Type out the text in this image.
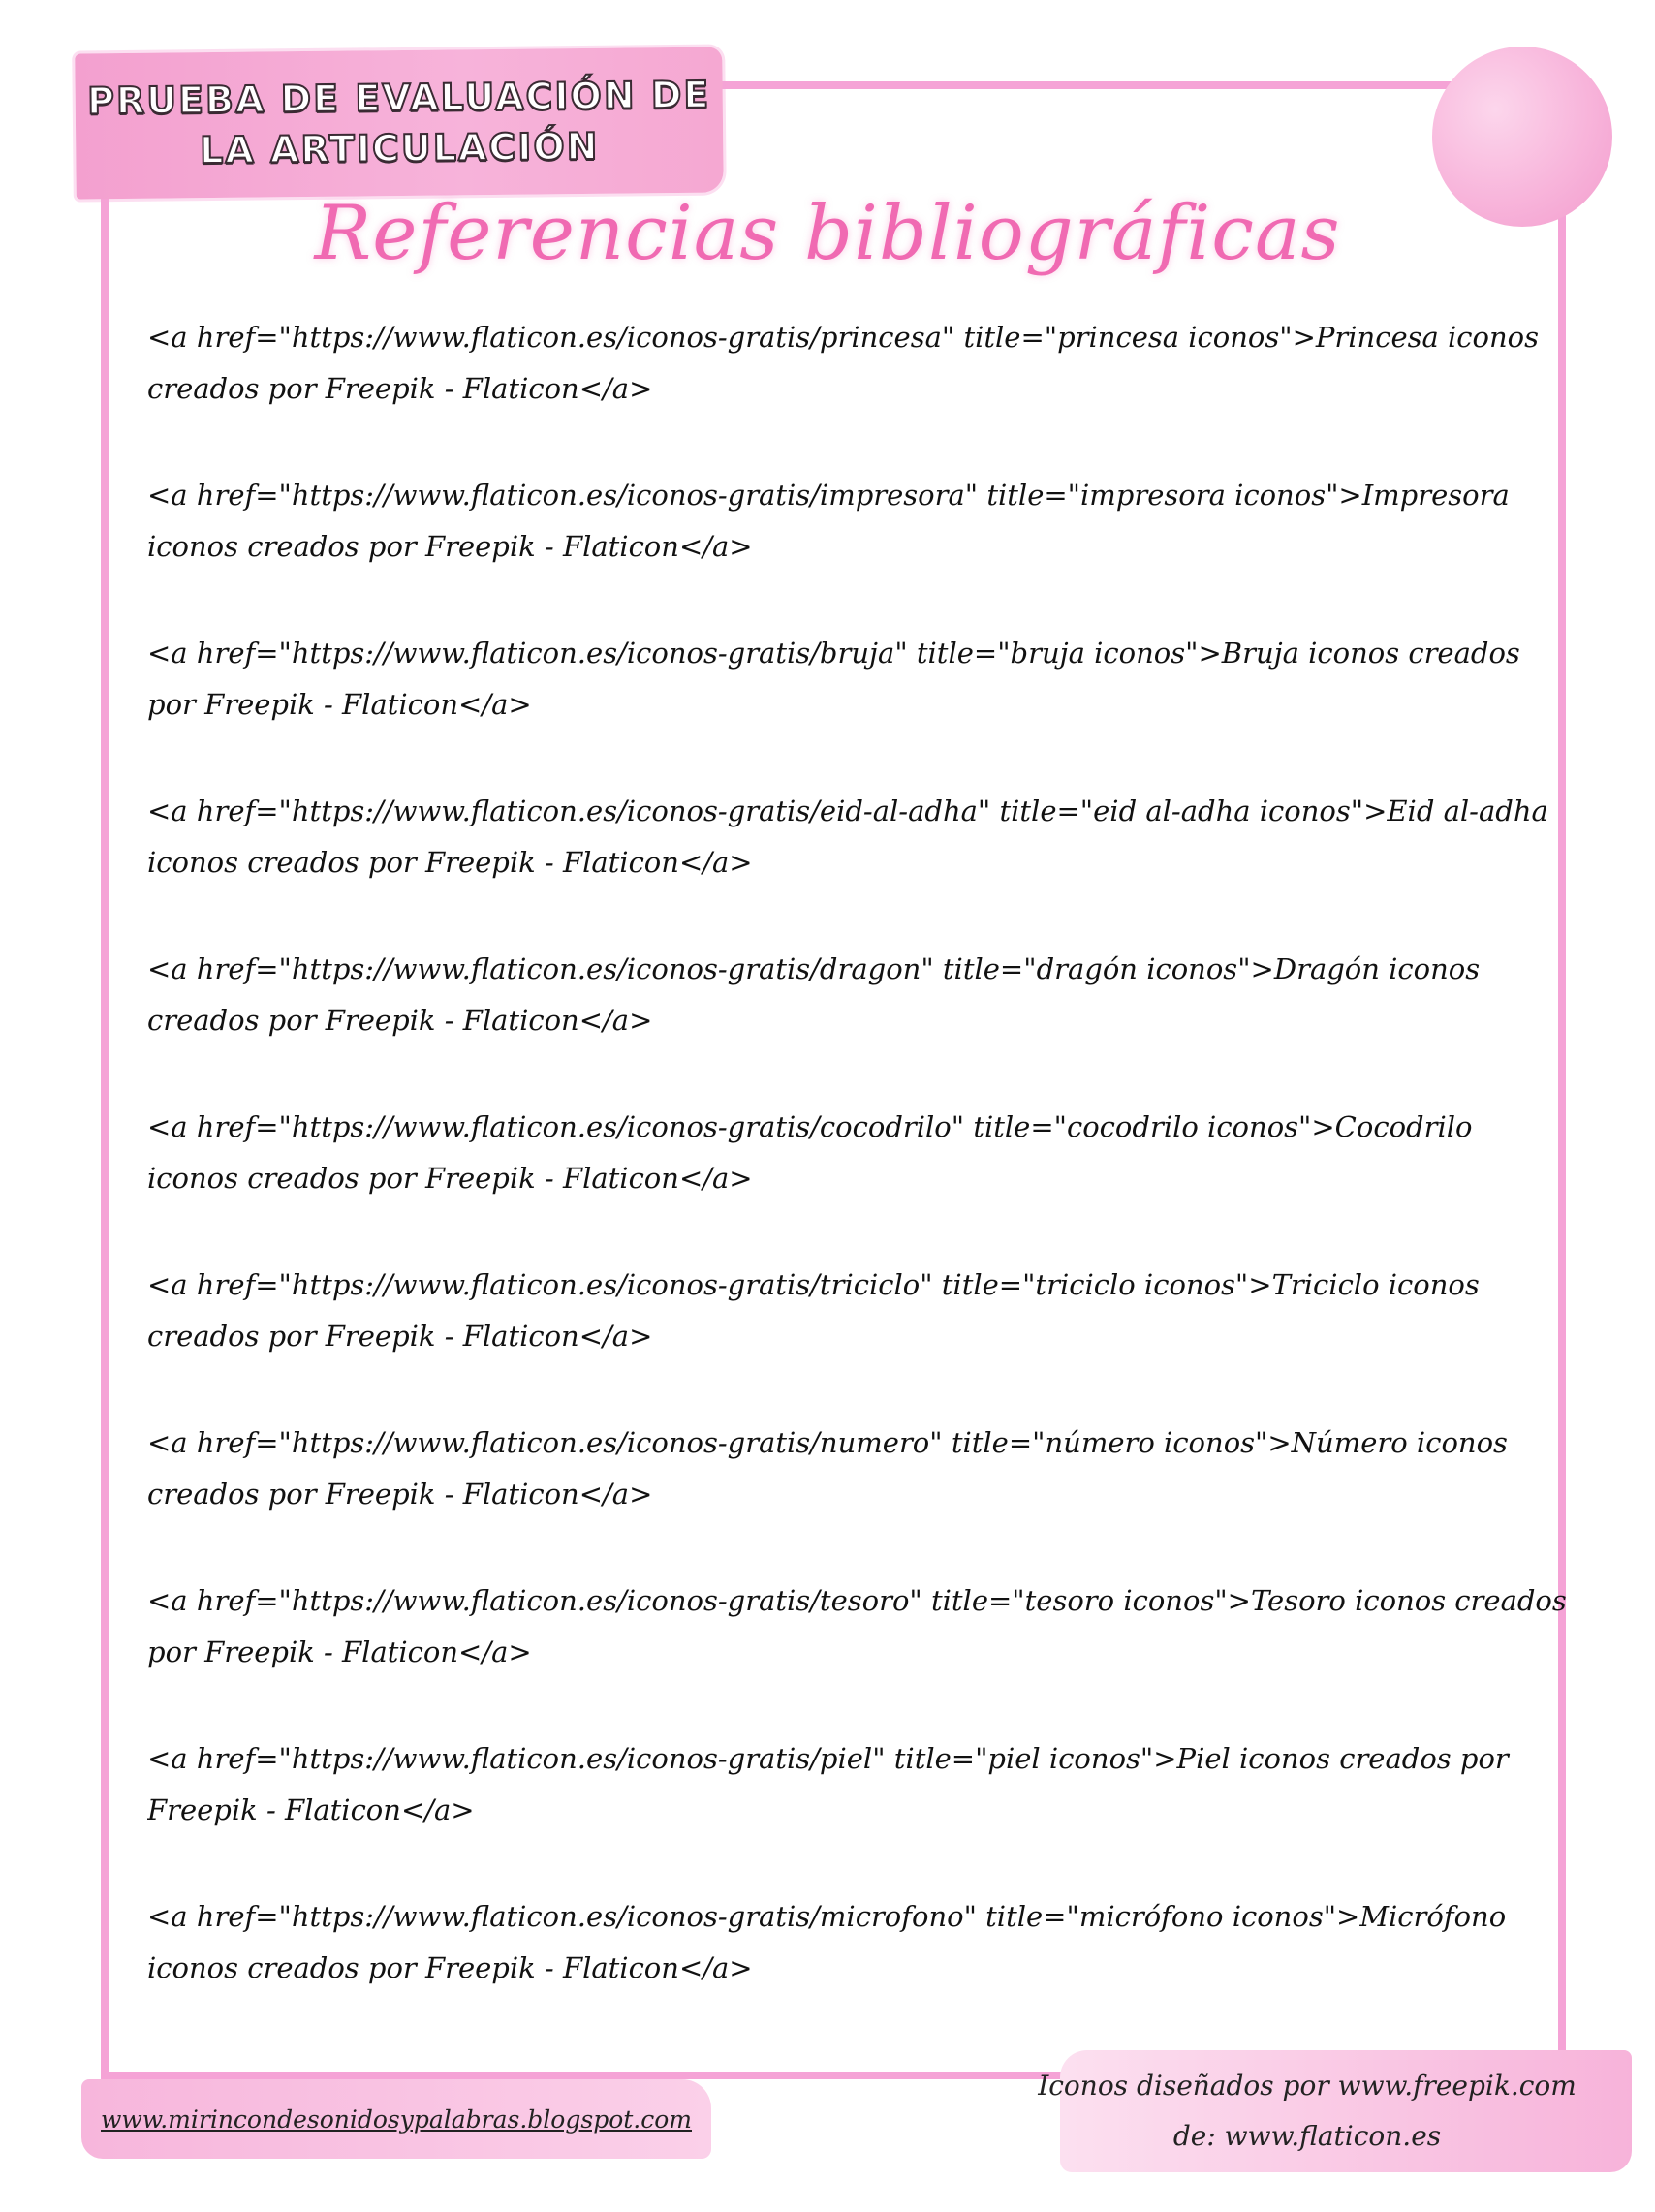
PRUEBA DE EVALUACIÓN DE
LA ARTICULACIÓN
Referencias bibliográficas
<a href="https://www.flaticon.es/iconos-gratis/princesa" title="princesa iconos">Princesa iconos creados por Freepik - Flaticon</a>
<a href="https://www.flaticon.es/iconos-gratis/impresora" title="impresora iconos">Impresora iconos creados por Freepik - Flaticon</a>
<a href="https://www.flaticon.es/iconos-gratis/bruja" title="bruja iconos">Bruja iconos creados por Freepik - Flaticon</a>
<a href="https://www.flaticon.es/iconos-gratis/eid-al-adha" title="eid al-adha iconos">Eid al-adha iconos creados por Freepik - Flaticon</a>
<a href="https://www.flaticon.es/iconos-gratis/dragon" title="dragón iconos">Dragón iconos creados por Freepik - Flaticon</a>
<a href="https://www.flaticon.es/iconos-gratis/cocodrilo" title="cocodrilo iconos">Cocodrilo iconos creados por Freepik - Flaticon</a>
<a href="https://www.flaticon.es/iconos-gratis/triciclo" title="triciclo iconos">Triciclo iconos creados por Freepik - Flaticon</a>
<a href="https://www.flaticon.es/iconos-gratis/numero" title="número iconos">Número iconos creados por Freepik - Flaticon</a>
<a href="https://www.flaticon.es/iconos-gratis/tesoro" title="tesoro iconos">Tesoro iconos creados por Freepik - Flaticon</a>
<a href="https://www.flaticon.es/iconos-gratis/piel" title="piel iconos">Piel iconos creados por Freepik - Flaticon</a>
<a href="https://www.flaticon.es/iconos-gratis/microfono" title="micrófono iconos">Micrófono iconos creados por Freepik - Flaticon</a>
www.mirincondesonidosypalabras.blogspot.com
Iconos diseñados por www.freepik.com
de: www.flaticon.es
